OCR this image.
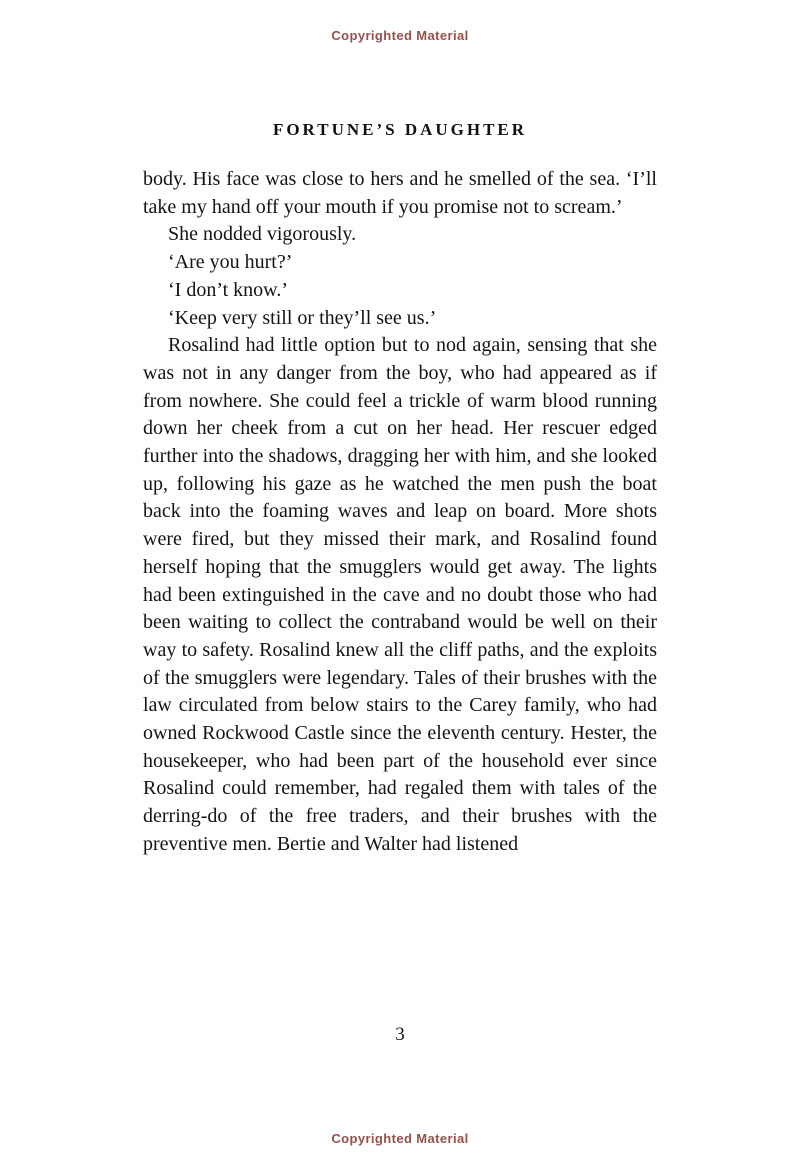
Copyrighted Material
FORTUNE’S DAUGHTER

body. His face was close to hers and he smelled of the sea. ‘I’ll take my hand off your mouth if you promise not to scream.’

She nodded vigorously.

‘Are you hurt?’

‘I don’t know.’

‘Keep very still or they’ll see us.’

Rosalind had little option but to nod again, sensing that she was not in any danger from the boy, who had appeared as if from nowhere. She could feel a trickle of warm blood running down her cheek from a cut on her head. Her rescuer edged further into the shadows, dragging her with him, and she looked up, following his gaze as he watched the men push the boat back into the foaming waves and leap on board. More shots were fired, but they missed their mark, and Rosalind found herself hoping that the smugglers would get away. The lights had been extinguished in the cave and no doubt those who had been waiting to collect the contraband would be well on their way to safety. Rosalind knew all the cliff paths, and the exploits of the smugglers were legendary. Tales of their brushes with the law circulated from below stairs to the Carey family, who had owned Rockwood Castle since the eleventh century. Hester, the housekeeper, who had been part of the household ever since Rosalind could remember, had regaled them with tales of the derring-do of the free traders, and their brushes with the preventive men. Bertie and Walter had listened

3
Copyrighted Material
